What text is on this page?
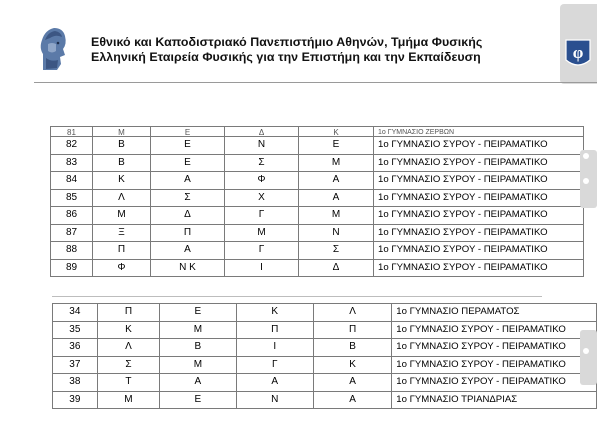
Εθνικό και Καποδιστριακό Πανεπιστήμιο Αθηνών, Τμήμα Φυσικής
Ελληνική Εταιρεία Φυσικής για την Επιστήμη και την Εκπαίδευση	φ
81	Μ	Ε	Δ	Κ	1ο ΓΥΜΝΑΣΙΟ ΖΕΡΒΩΝ
82	Β	Ε	Ν	Ε	1ο ΓΥΜΝΑΣΙΟ ΣΥΡΟΥ - ΠΕΙΡΑΜΑΤΙΚΟ
83	Β	Ε	Σ	Μ	1ο ΓΥΜΝΑΣΙΟ ΣΥΡΟΥ - ΠΕΙΡΑΜΑΤΙΚΟ
84	Κ	Α	Φ	Α	1ο ΓΥΜΝΑΣΙΟ ΣΥΡΟΥ - ΠΕΙΡΑΜΑΤΙΚΟ
85	Λ	Σ	Χ	Α	1ο ΓΥΜΝΑΣΙΟ ΣΥΡΟΥ - ΠΕΙΡΑΜΑΤΙΚΟ
86	Μ	Δ	Γ	Μ	1ο ΓΥΜΝΑΣΙΟ ΣΥΡΟΥ - ΠΕΙΡΑΜΑΤΙΚΟ
87	Ξ	Π	Μ	Ν	1ο ΓΥΜΝΑΣΙΟ ΣΥΡΟΥ - ΠΕΙΡΑΜΑΤΙΚΟ
88	Π	Α	Γ	Σ	1ο ΓΥΜΝΑΣΙΟ ΣΥΡΟΥ - ΠΕΙΡΑΜΑΤΙΚΟ
89	Φ	Ν Κ	Ι	Δ	1ο ΓΥΜΝΑΣΙΟ ΣΥΡΟΥ - ΠΕΙΡΑΜΑΤΙΚΟ
34	Π	Ε	Κ	Λ	1ο ΓΥΜΝΑΣΙΟ ΠΕΡΑΜΑΤΟΣ
35	Κ	Μ	Π	Π	1ο ΓΥΜΝΑΣΙΟ ΣΥΡΟΥ - ΠΕΙΡΑΜΑΤΙΚΟ
36	Λ	Β	Ι	Β	1ο ΓΥΜΝΑΣΙΟ ΣΥΡΟΥ - ΠΕΙΡΑΜΑΤΙΚΟ
37	Σ	Μ	Γ	Κ	1ο ΓΥΜΝΑΣΙΟ ΣΥΡΟΥ - ΠΕΙΡΑΜΑΤΙΚΟ
38	Τ	Α	Α	Α	1ο ΓΥΜΝΑΣΙΟ ΣΥΡΟΥ - ΠΕΙΡΑΜΑΤΙΚΟ
39	Μ	Ε	Ν	Α	1ο ΓΥΜΝΑΣΙΟ ΤΡΙΑΝΔΡΙΑΣ
